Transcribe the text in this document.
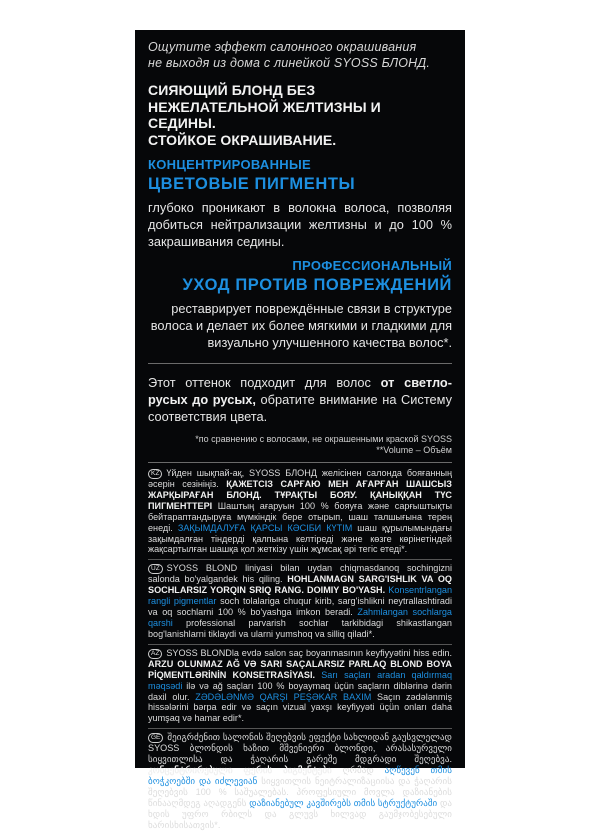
Ощутите эффект салонного окрашивания
не выходя из дома с линейкой SYOSS БЛОНД.

СИЯЮЩИЙ БЛОНД БЕЗ
НЕЖЕЛАТЕЛЬНОЙ ЖЕЛТИЗНЫ И СЕДИНЫ.
СТОЙКОЕ ОКРАШИВАНИЕ.

КОНЦЕНТРИРОВАННЫЕ

ЦВЕТОВЫЕ ПИГМЕНТЫ

глубоко проникают в волокна волоса, позволяя добиться нейтрализации желтизны и до 100 % закрашивания седины.

ПРОФЕССИОНАЛЬНЫЙ

УХОД ПРОТИВ ПОВРЕЖДЕНИЙ

реставрирует повреждённые связи в структуре волоса и делает их более мягкими и гладкими для визуально улучшенного качества волос*.

Этот оттенок подходит для волос от светло-русых до русых, обратите внимание на Систему соответствия цвета.

*по сравнению с волосами, не окрашенными краской SYOSS

**Volume – Объём

KZ Үйден шықпай-ақ, SYOSS БЛОНД желісінен салонда бояғанның әсерін сезініңіз. ҚАЖЕТСІЗ САРҒАЮ МЕН АҒАРҒАН ШАШСЫЗ ЖАРҚЫРАҒАН БЛОНД. ТҰРАҚТЫ БОЯУ. ҚАНЫҚҚАН ТҮС ПИГМЕНТТЕРІ Шаштың ағаруын 100 % бояуға және сарғыштықты бейтараптандыруға мүмкіндік бере отырып, шаш талшығына терең енеді. ЗАҚЫМДАЛУҒА ҚАРСЫ КӘСІБИ КҮТІМ шаш құрылымындағы зақымдалған тіндерді қалпына келтіреді және көзге көрінетіндей жақсартылған шашқа қол жеткізу үшін жұмсақ әрі тегіс етеді*.

UZ SYOSS BLOND liniyasi bilan uydan chiqmasdanoq sochingizni salonda bo'yalgandek his qiling. HOHLANMAGN SARG'ISHLIK VA OQ SOCHLARSIZ YORQIN SRIQ RANG. DOIMIY BO'YASH. Konsentrlangan rangli pigmentlar soch tolalariga chuqur kirib, sarg'ishlikni neytrallashtiradi va oq sochlarni 100 % bo'yashga imkon beradi. Zahmlangan sochlarga qarshi professional parvarish sochlar tarkibidagi shikastlangan bog'lanishlarni tiklaydi va ularni yumshoq va silliq qiladi*.

AZ SYOSS BLONDla evdə salon saç boyanmasının keyfiyyətini hiss edin. ARZU OLUNMAZ AĞ VƏ SARI SAÇALARSIZ PARLAQ BLOND BOYA PİQMENTLƏRİNİN KONSETRASİYASI. Sarı saçları aradan qaldırmaq məqsədi ilə və ağ saçları 100 % boyaymaq üçün saçların diblərinə dərin daxil olur. ZƏDƏLƏNMƏ QARŞI PEŞƏKAR BAXIM Saçın zədələnmiş hissələrini bərpa edir və saçın vizual yaxşı keyfiyyəti üçün onları daha yumşaq və hamar edir*.

GE შეიგრძენით სალონის შეღებვის ეფექტი სახლიდან გაუსვლელად SYOSS ბლონდის ხაზით მშვენიერი ბლონდი, არასასურველი სიყვითლისა და ჭაღარის გარეშე მდგრადი შეღებვა. კონცენტრირებული ფერის პიგმენტები ღრმად აღწევენ თმის ბოჭკოებში და იძლევიან სიყვითლის ნეიტრალიზაციისა და ჭაღარის შეღებვის 100 % საშუალებას. პროფესიული მოვლა დაზიანების წინააღმდეგ აღადგენს დაზიანებულ კავშირებს თმის სტრუქტურაში და ხდის უფრო რბილს და გლუვს ხილვად გაუმჯობესებული ხარისხისათვის*.
